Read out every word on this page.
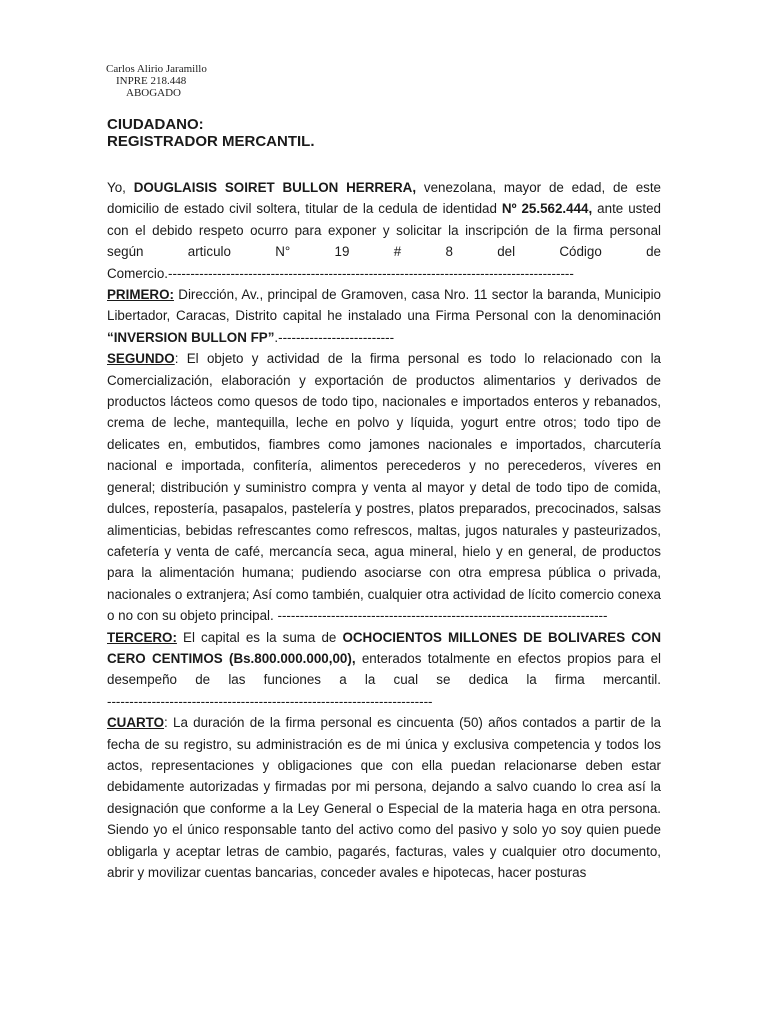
Carlos Alirio Jaramillo
INPRE 218.448
ABOGADO
CIUDADANO:
REGISTRADOR MERCANTIL.

Yo, DOUGLAISIS SOIRET BULLON HERRERA, venezolana, mayor de edad, de este domicilio de estado civil soltera, titular de la cedula de identidad Nº 25.562.444, ante usted con el debido respeto ocurro para exponer y solicitar la inscripción de la firma personal según articulo N° 19 # 8 del Código de Comercio.-------------------------------------------------------------------------------------------

PRIMERO: Dirección, Av., principal de Gramoven, casa Nro. 11 sector la baranda, Municipio Libertador, Caracas, Distrito capital he instalado una Firma Personal con la denominación “INVERSION BULLON FP”.--------------------------

SEGUNDO: El objeto y actividad de la firma personal es todo lo relacionado con la Comercialización, elaboración y exportación de productos alimentarios y derivados de productos lácteos como quesos de todo tipo, nacionales e importados enteros y rebanados, crema de leche, mantequilla, leche en polvo y líquida, yogurt entre otros; todo tipo de delicates en, embutidos, fiambres como jamones nacionales e importados, charcutería nacional e importada, confitería, alimentos perecederos y no perecederos, víveres en general; distribución y suministro compra y venta al mayor y detal de todo tipo de comida, dulces, repostería, pasapalos, pastelería y postres, platos preparados, precocinados, salsas alimenticias, bebidas refrescantes como refrescos, maltas, jugos naturales y pasteurizados, cafetería y venta de café, mercancía seca, agua mineral, hielo y en general, de productos para la alimentación humana; pudiendo asociarse con otra empresa pública o privada, nacionales o extranjera; Así como también, cualquier otra actividad de lícito comercio conexa o no con su objeto principal. --------------------------------------------------------------------------

TERCERO: El capital es la suma de OCHOCIENTOS MILLONES DE BOLIVARES CON CERO CENTIMOS (Bs.800.000.000,00), enterados totalmente en efectos propios para el desempeño de las funciones a la cual se dedica la firma mercantil. -------------------------------------------------------------------------

CUARTO: La duración de la firma personal es cincuenta (50) años contados a partir de la fecha de su registro, su administración es de mi única y exclusiva competencia y todos los actos, representaciones y obligaciones que con ella puedan relacionarse deben estar debidamente autorizadas y firmadas por mi persona, dejando a salvo cuando lo crea así la designación que conforme a la Ley General o Especial de la materia haga en otra persona. Siendo yo el único responsable tanto del activo como del pasivo y solo yo soy quien puede obligarla y aceptar letras de cambio, pagarés, facturas, vales y cualquier otro documento, abrir y movilizar cuentas bancarias, conceder avales e hipotecas, hacer posturas
